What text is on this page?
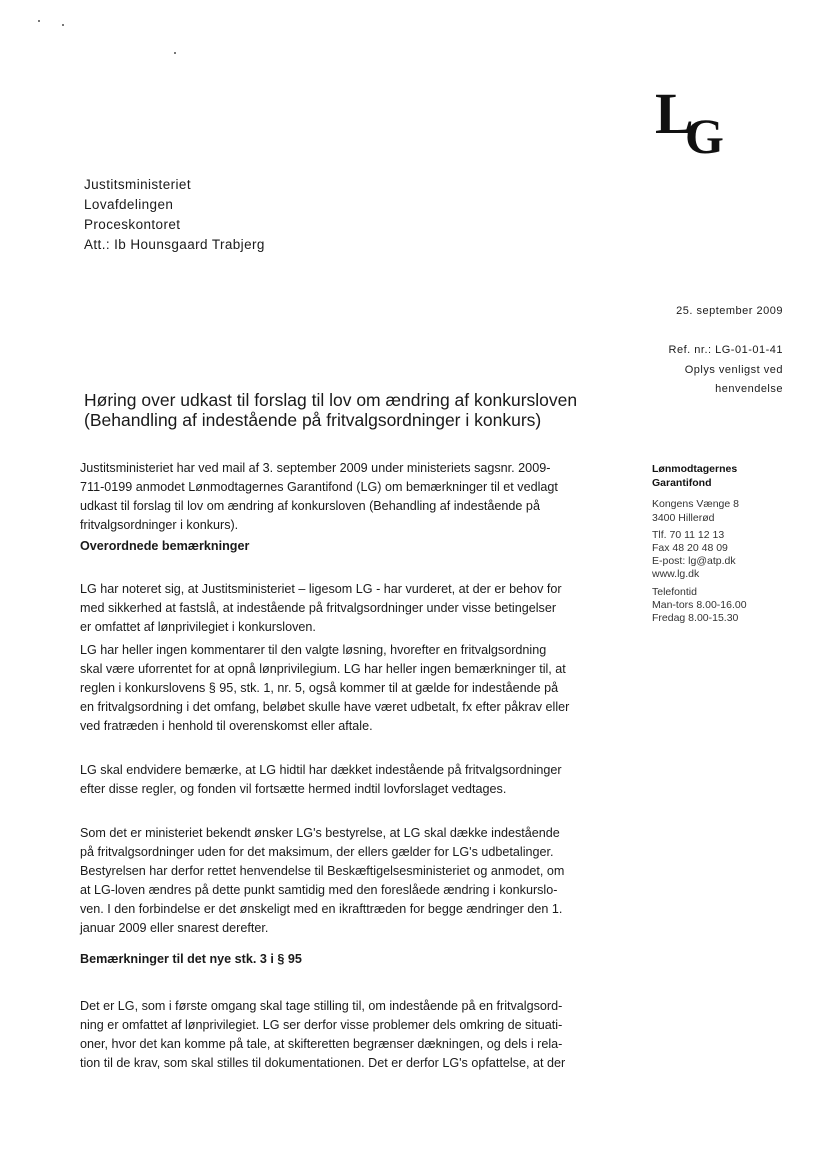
L
G
Justitsministeriet
Lovafdelingen
Proceskontoret
Att.: Ib Hounsgaard Trabjerg
25. september 2009
Ref. nr.: LG-01-01-41
Oplys venligst ved
henvendelse
Høring over udkast til forslag til lov om ændring af konkursloven
(Behandling af indestående på fritvalgsordninger i konkurs)
Justitsministeriet har ved mail af 3. september 2009 under ministeriets sagsnr. 2009-
711-0199 anmodet Lønmodtagernes Garantifond (LG) om bemærkninger til et vedlagt
udkast til forslag til lov om ændring af konkursloven (Behandling af indestående på
fritvalgsordninger i konkurs).
Overordnede bemærkninger
LG har noteret sig, at Justitsministeriet – ligesom LG - har vurderet, at der er behov for
med sikkerhed at fastslå, at indestående på fritvalgsordninger under visse betingelser
er omfattet af lønprivilegiet i konkursloven.
LG har heller ingen kommentarer til den valgte løsning, hvorefter en fritvalgsordning
skal være uforrentet for at opnå lønprivilegium. LG har heller ingen bemærkninger til, at
reglen i konkurslovens § 95, stk. 1, nr. 5, også kommer til at gælde for indestående på
en fritvalgsordning i det omfang, beløbet skulle have været udbetalt, fx efter påkrav eller
ved fratræden i henhold til overenskomst eller aftale.
LG skal endvidere bemærke, at LG hidtil har dækket indestående på fritvalgsordninger
efter disse regler, og fonden vil fortsætte hermed indtil lovforslaget vedtages.
Som det er ministeriet bekendt ønsker LG's bestyrelse, at LG skal dække indestående
på fritvalgsordninger uden for det maksimum, der ellers gælder for LG's udbetalinger.
Bestyrelsen har derfor rettet henvendelse til Beskæftigelsesministeriet og anmodet, om
at LG-loven ændres på dette punkt samtidig med den foreslåede ændring i konkurslo-
ven. I den forbindelse er det ønskeligt med en ikrafttræden for begge ændringer den 1.
januar 2009 eller snarest derefter.
Bemærkninger til det nye stk. 3 i § 95
Det er LG, som i første omgang skal tage stilling til, om indestående på en fritvalgsord-
ning er omfattet af lønprivilegiet. LG ser derfor visse problemer dels omkring de situati-
oner, hvor det kan komme på tale, at skifteretten begrænser dækningen, og dels i rela-
tion til de krav, som skal stilles til dokumentationen. Det er derfor LG's opfattelse, at der
Lønmodtagernes
Garantifond
Kongens Vænge 8
3400 Hillerød
Tlf. 70 11 12 13
Fax 48 20 48 09
E-post: lg@atp.dk
www.lg.dk
Telefontid
Man-tors 8.00-16.00
Fredag 8.00-15.30
